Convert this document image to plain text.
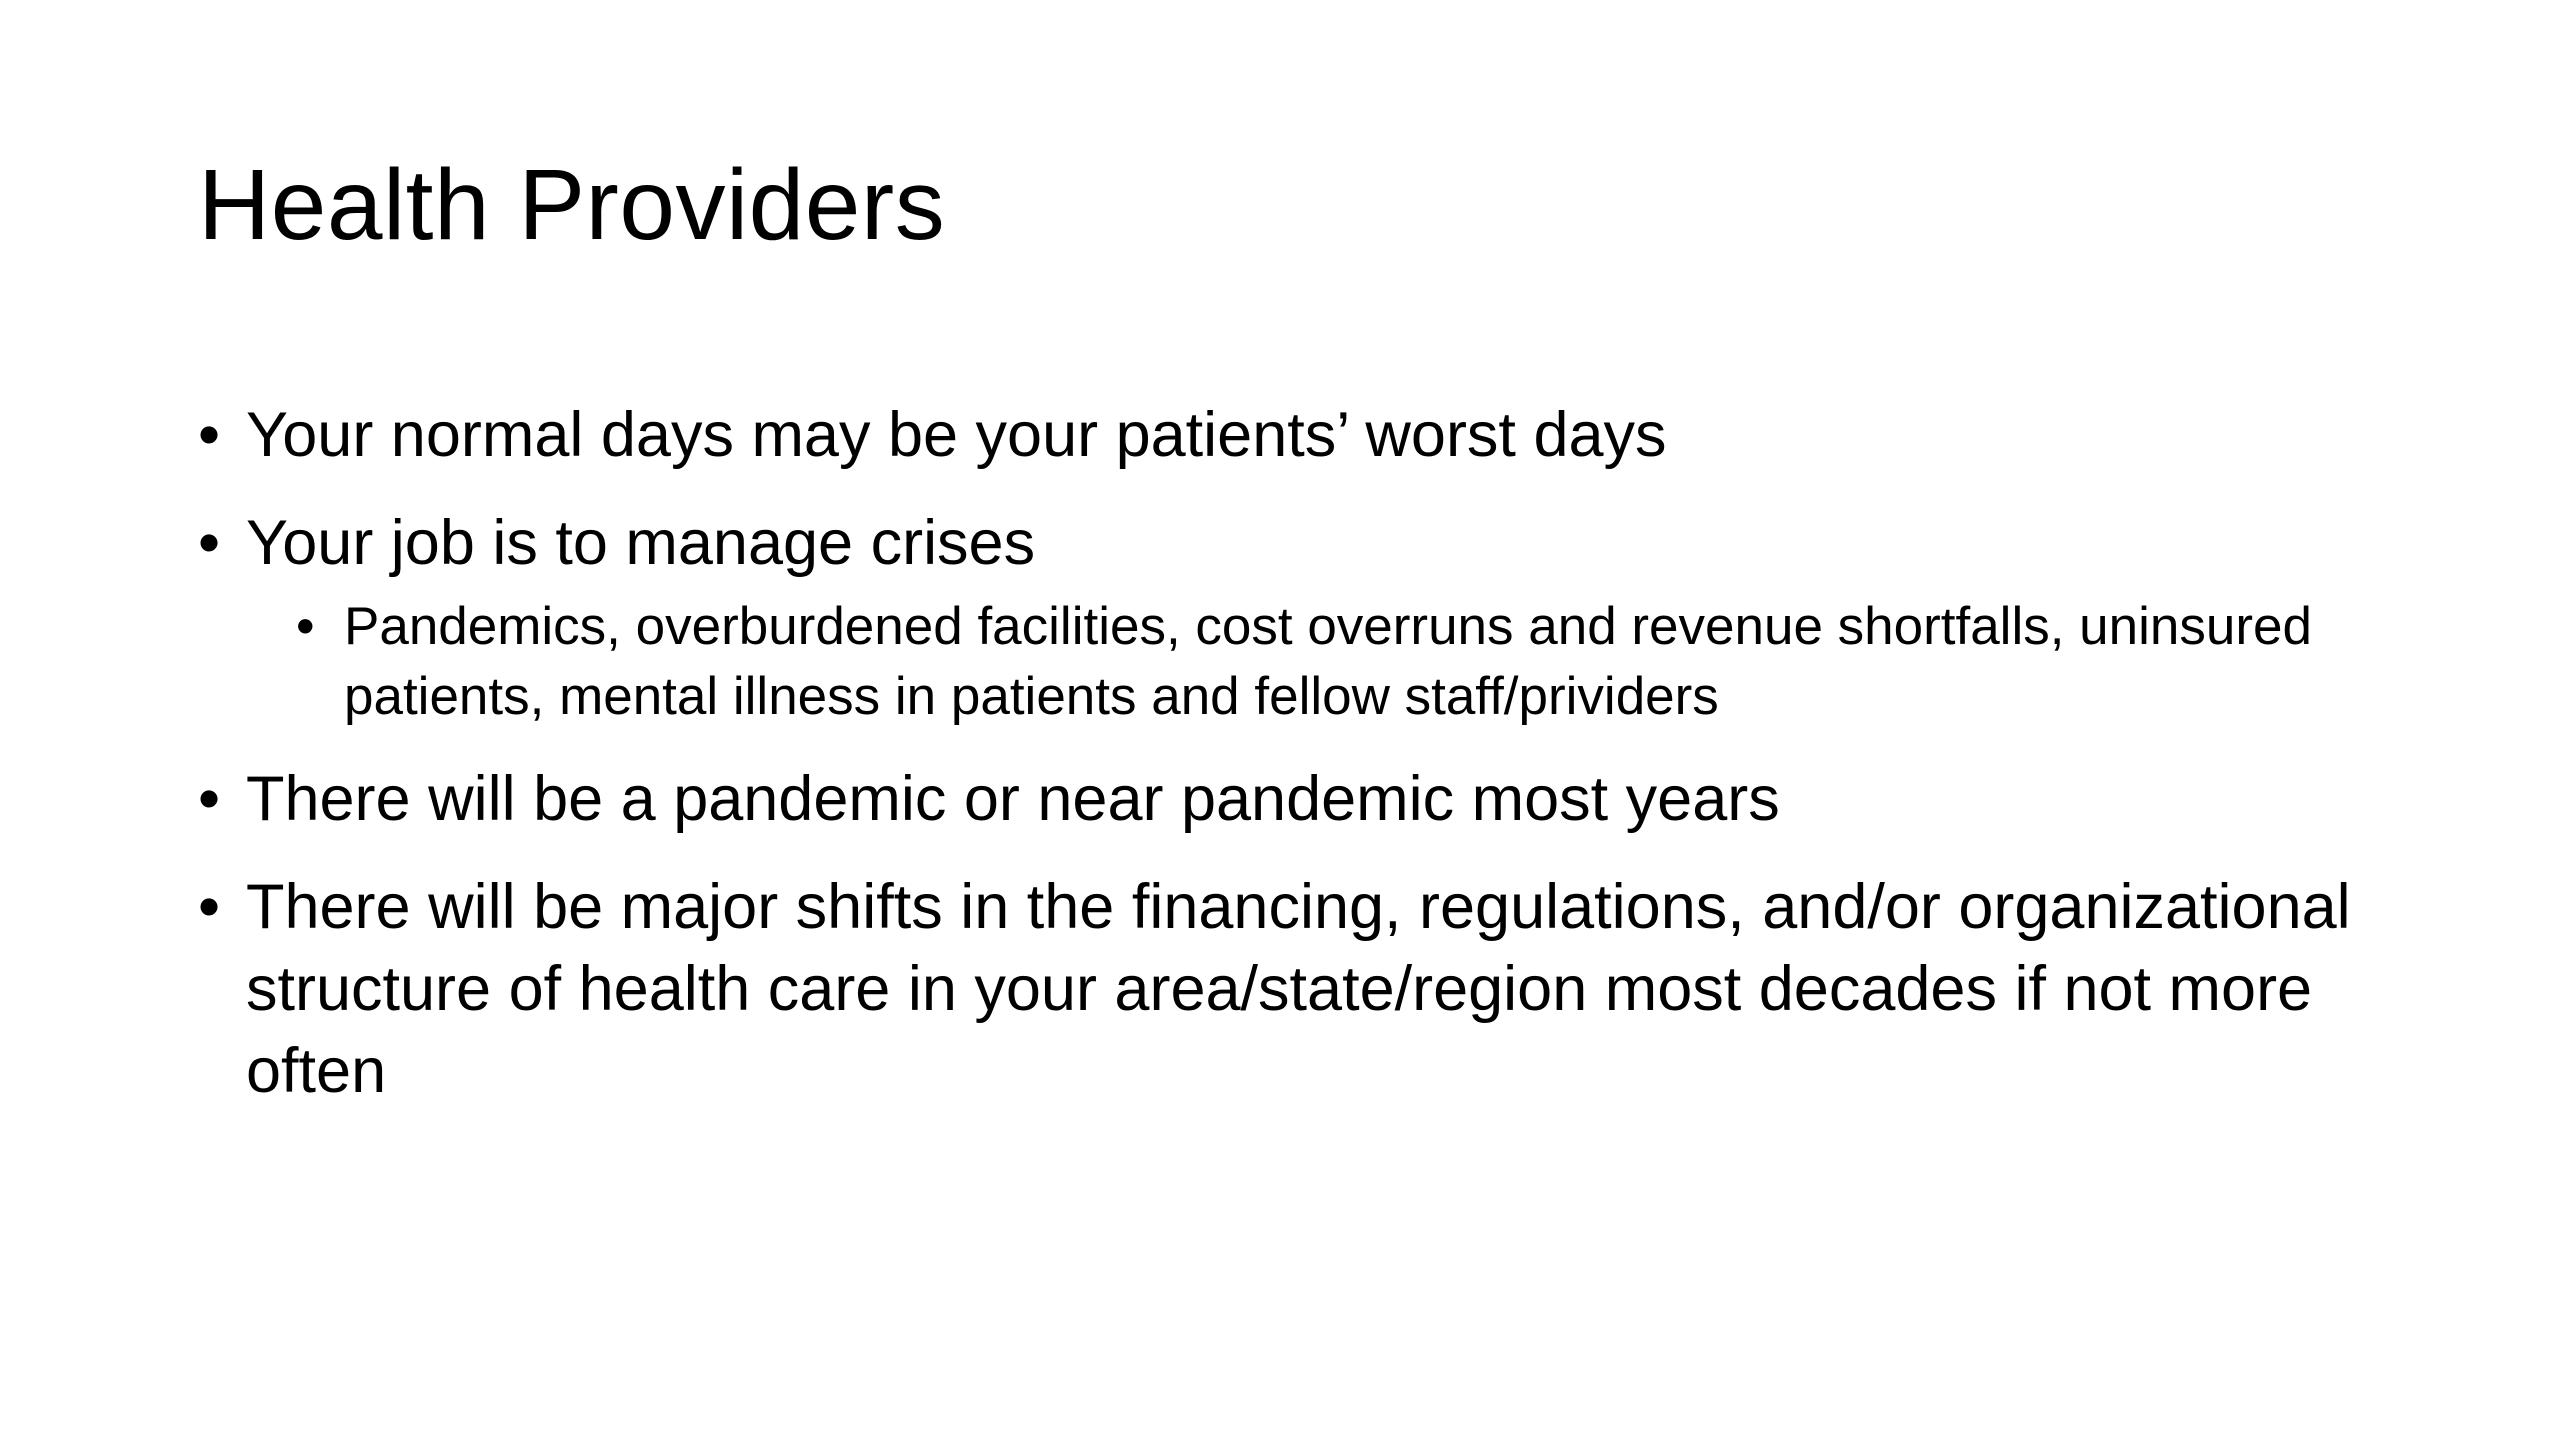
Health Providers
• Your normal days may be your patients’ worst days
• Your job is to manage crises
• Pandemics, overburdened facilities, cost overruns and revenue shortfalls, uninsured patients, mental illness in patients and fellow staff/prividers
• There will be a pandemic or near pandemic most years
• There will be major shifts in the financing, regulations, and/or organizational structure of health care in your area/state/region most decades if not more often
